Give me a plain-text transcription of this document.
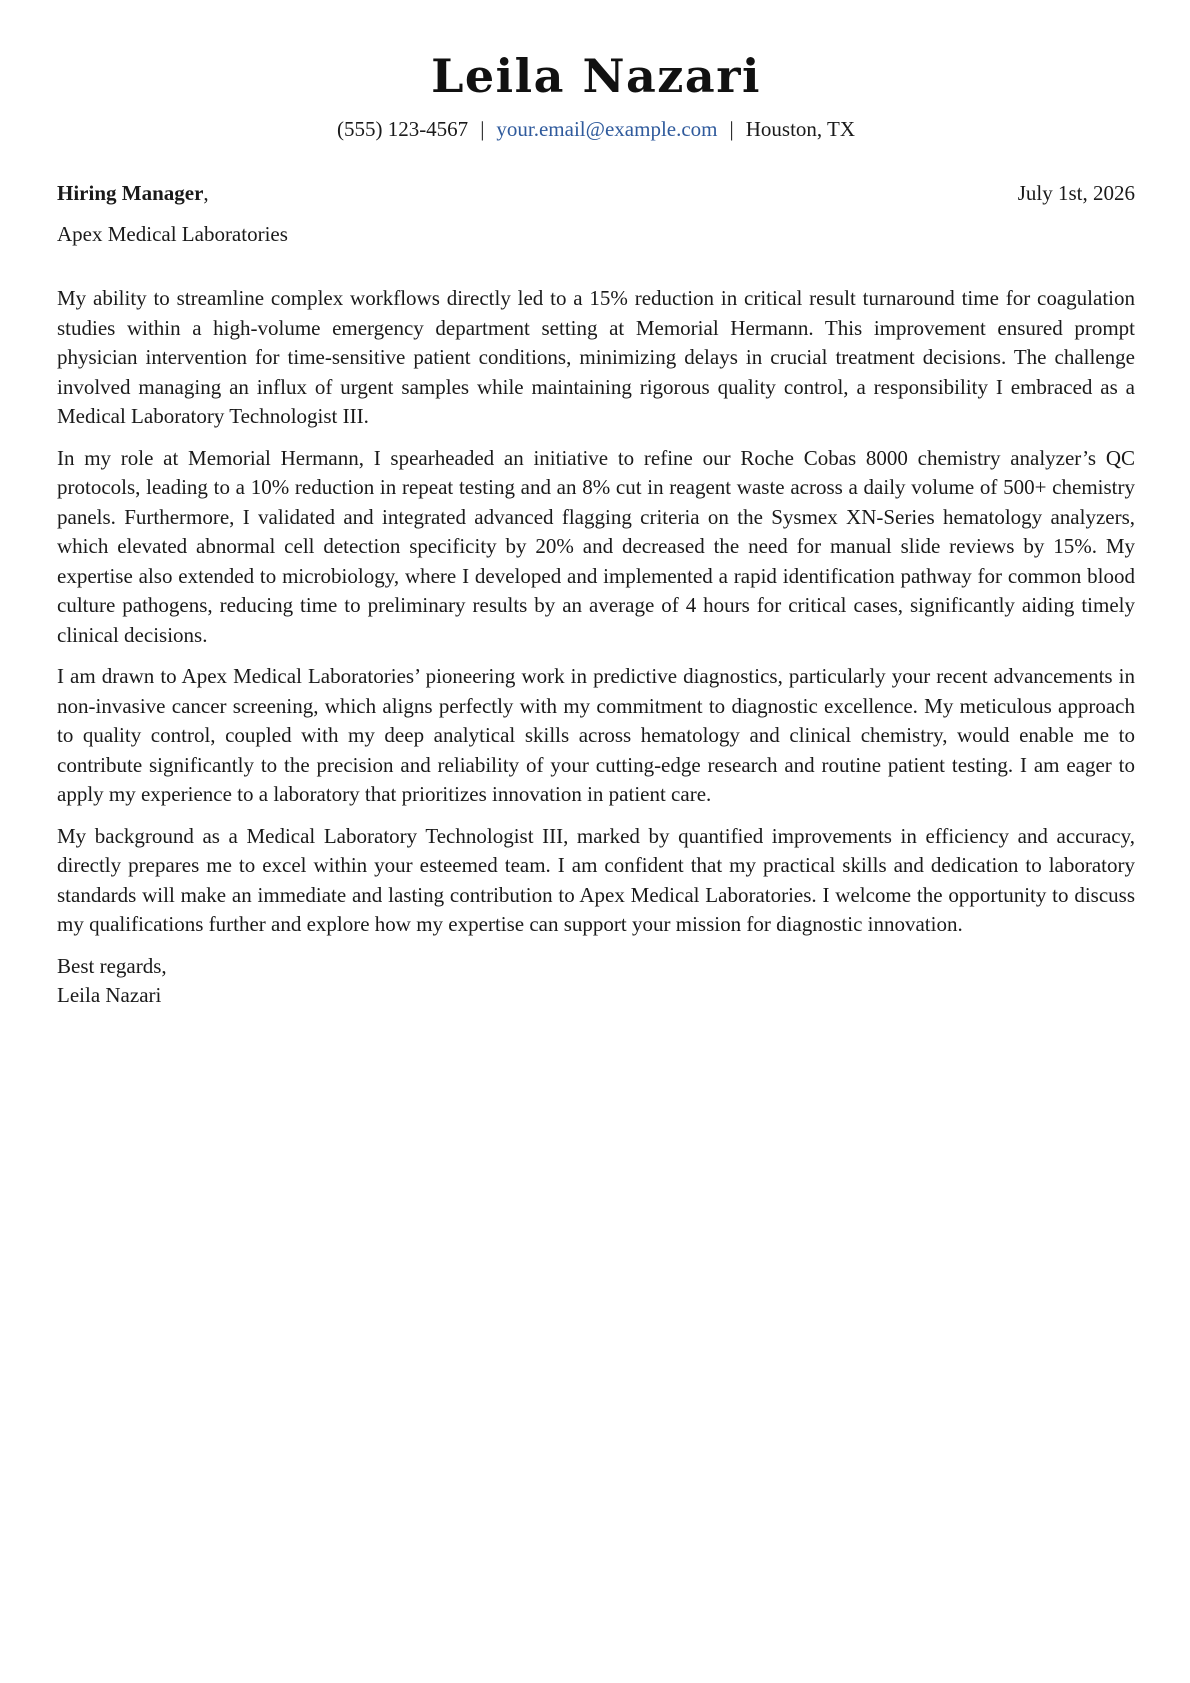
Leila Nazari
(555) 123-4567 | your.email@example.com | Houston, TX
Hiring Manager,	July 1st, 2026
Apex Medical Laboratories

My ability to streamline complex workflows directly led to a 15% reduction in critical result turnaround time for coagulation studies within a high-volume emergency department setting at Memorial Hermann. This improvement ensured prompt physician intervention for time-sensitive patient conditions, minimizing delays in crucial treatment decisions. The challenge involved managing an influx of urgent samples while maintaining rigorous quality control, a responsibility I embraced as a Medical Laboratory Technologist III.

In my role at Memorial Hermann, I spearheaded an initiative to refine our Roche Cobas 8000 chemistry analyzer’s QC protocols, leading to a 10% reduction in repeat testing and an 8% cut in reagent waste across a daily volume of 500+ chemistry panels. Furthermore, I validated and integrated advanced flagging criteria on the Sysmex XN-Series hematology analyzers, which elevated abnormal cell detection specificity by 20% and decreased the need for manual slide reviews by 15%. My expertise also extended to microbiology, where I developed and implemented a rapid identification pathway for common blood culture pathogens, reducing time to preliminary results by an average of 4 hours for critical cases, significantly aiding timely clinical decisions.

I am drawn to Apex Medical Laboratories’ pioneering work in predictive diagnostics, particularly your recent advancements in non-invasive cancer screening, which aligns perfectly with my commitment to diagnostic excellence. My meticulous approach to quality control, coupled with my deep analytical skills across hematology and clinical chemistry, would enable me to contribute significantly to the precision and reliability of your cutting-edge research and routine patient testing. I am eager to apply my experience to a laboratory that prioritizes innovation in patient care.

My background as a Medical Laboratory Technologist III, marked by quantified improvements in efficiency and accuracy, directly prepares me to excel within your esteemed team. I am confident that my practical skills and dedication to laboratory standards will make an immediate and lasting contribution to Apex Medical Laboratories. I welcome the opportunity to discuss my qualifications further and explore how my expertise can support your mission for diagnostic innovation.

Best regards,
Leila Nazari
